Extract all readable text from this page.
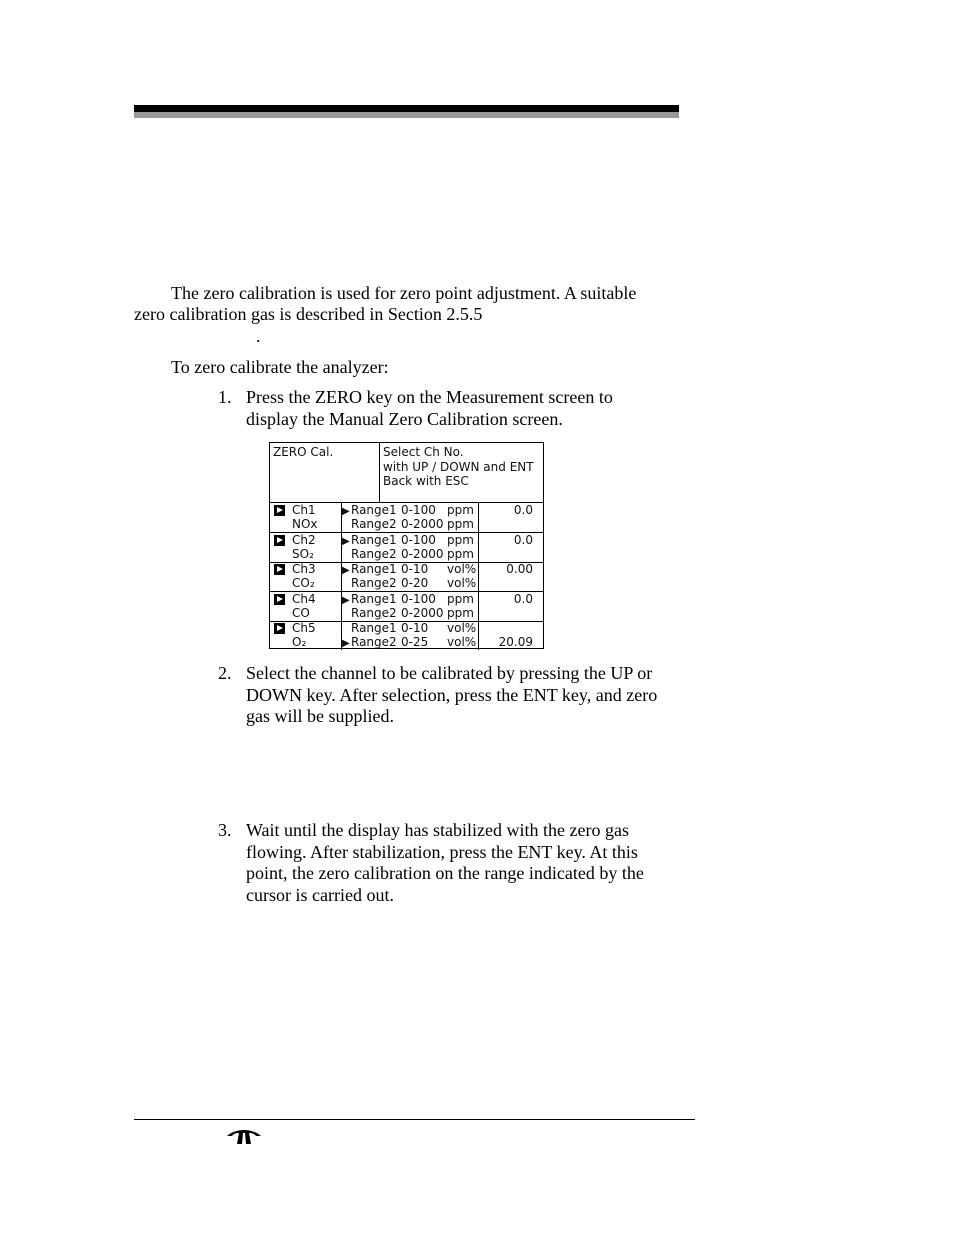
The zero calibration is used for zero point adjustment. A suitable
zero calibration gas is described in Section 2.5.5
.
To zero calibrate the analyzer:
1. Press the ZERO key on the Measurement screen to
display the Manual Zero Calibration screen.
ZERO Cal.	Select Ch No.
with UP / DOWN and ENT
Back with ESC
Ch1
NOx
▶Range1 0-100 ppm
Range2 0-2000 ppm
0.0
Ch2
SO₂
▶Range1 0-100 ppm
Range2 0-2000 ppm
0.0
Ch3
CO₂
▶Range1 0-10 vol%
Range2 0-20 vol%
0.00
Ch4
CO
▶Range1 0-100 ppm
Range2 0-2000 ppm
0.0
Ch5
O₂
Range1 0-10 vol%
▶Range2 0-25 vol%	20.09
2. Select the channel to be calibrated by pressing the UP or
DOWN key. After selection, press the ENT key, and zero
gas will be supplied.
3. Wait until the display has stabilized with the zero gas
flowing. After stabilization, press the ENT key. At this
point, the zero calibration on the range indicated by the
cursor is carried out.
